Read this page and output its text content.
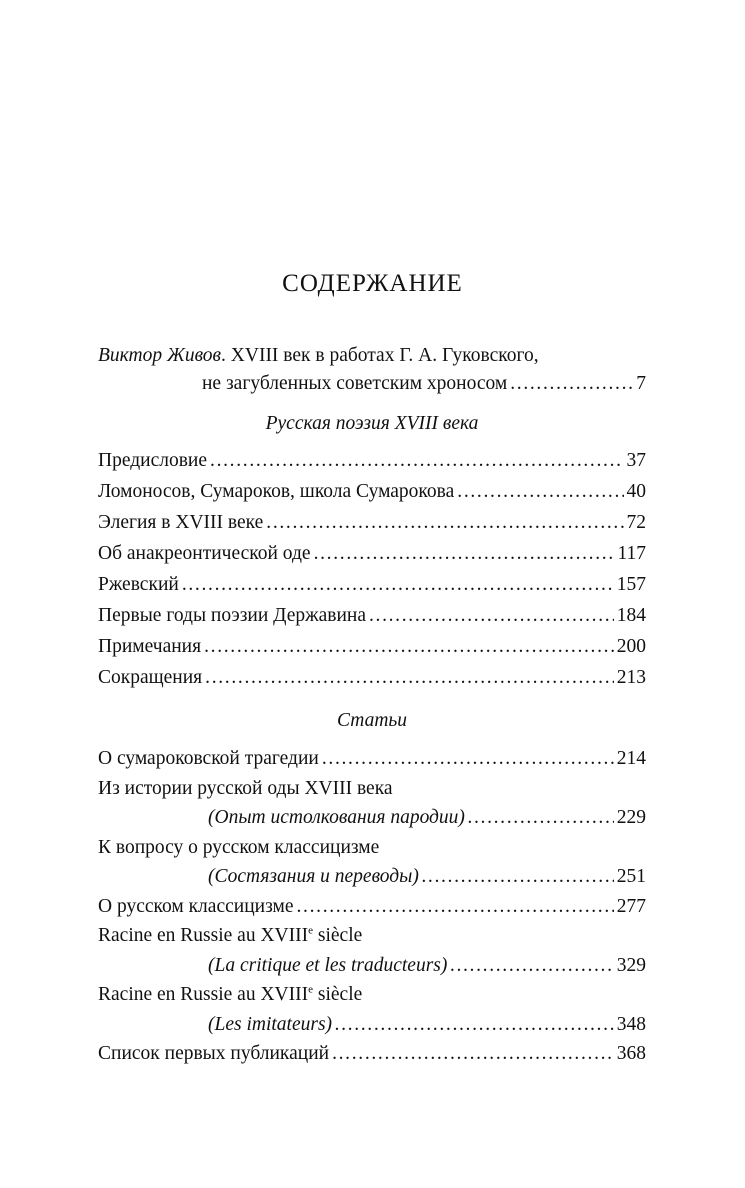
СОДЕРЖАНИЕ
Виктор Живов. XVIII век в работах Г. А. Гуковского,
не загубленных советским хроносом . . .	7
Русская поэзия XVIII века
Предисловие . . .	37
Ломоносов, Сумароков, школа Сумарокова . . .	40
Элегия в XVIII веке . . .	72
Об анакреонтической оде . . .	117
Ржевский . . .	157
Первые годы поэзии Державина . . .	184
Примечания . . .	200
Сокращения . . .	213
Статьи
О сумароковской трагедии . . .	214
Из истории русской оды XVIII века
(Опыт истолкования пародии) . . .	229
К вопросу о русском классицизме
(Состязания и переводы) . . .	251
О русском классицизме . . .	277
Racine en Russie au XVIIIe siècle
(La critique et les traducteurs) . . .	329
Racine en Russie au XVIIIe siècle
(Les imitateurs) . . .	348
Список первых публикаций . . .	368
